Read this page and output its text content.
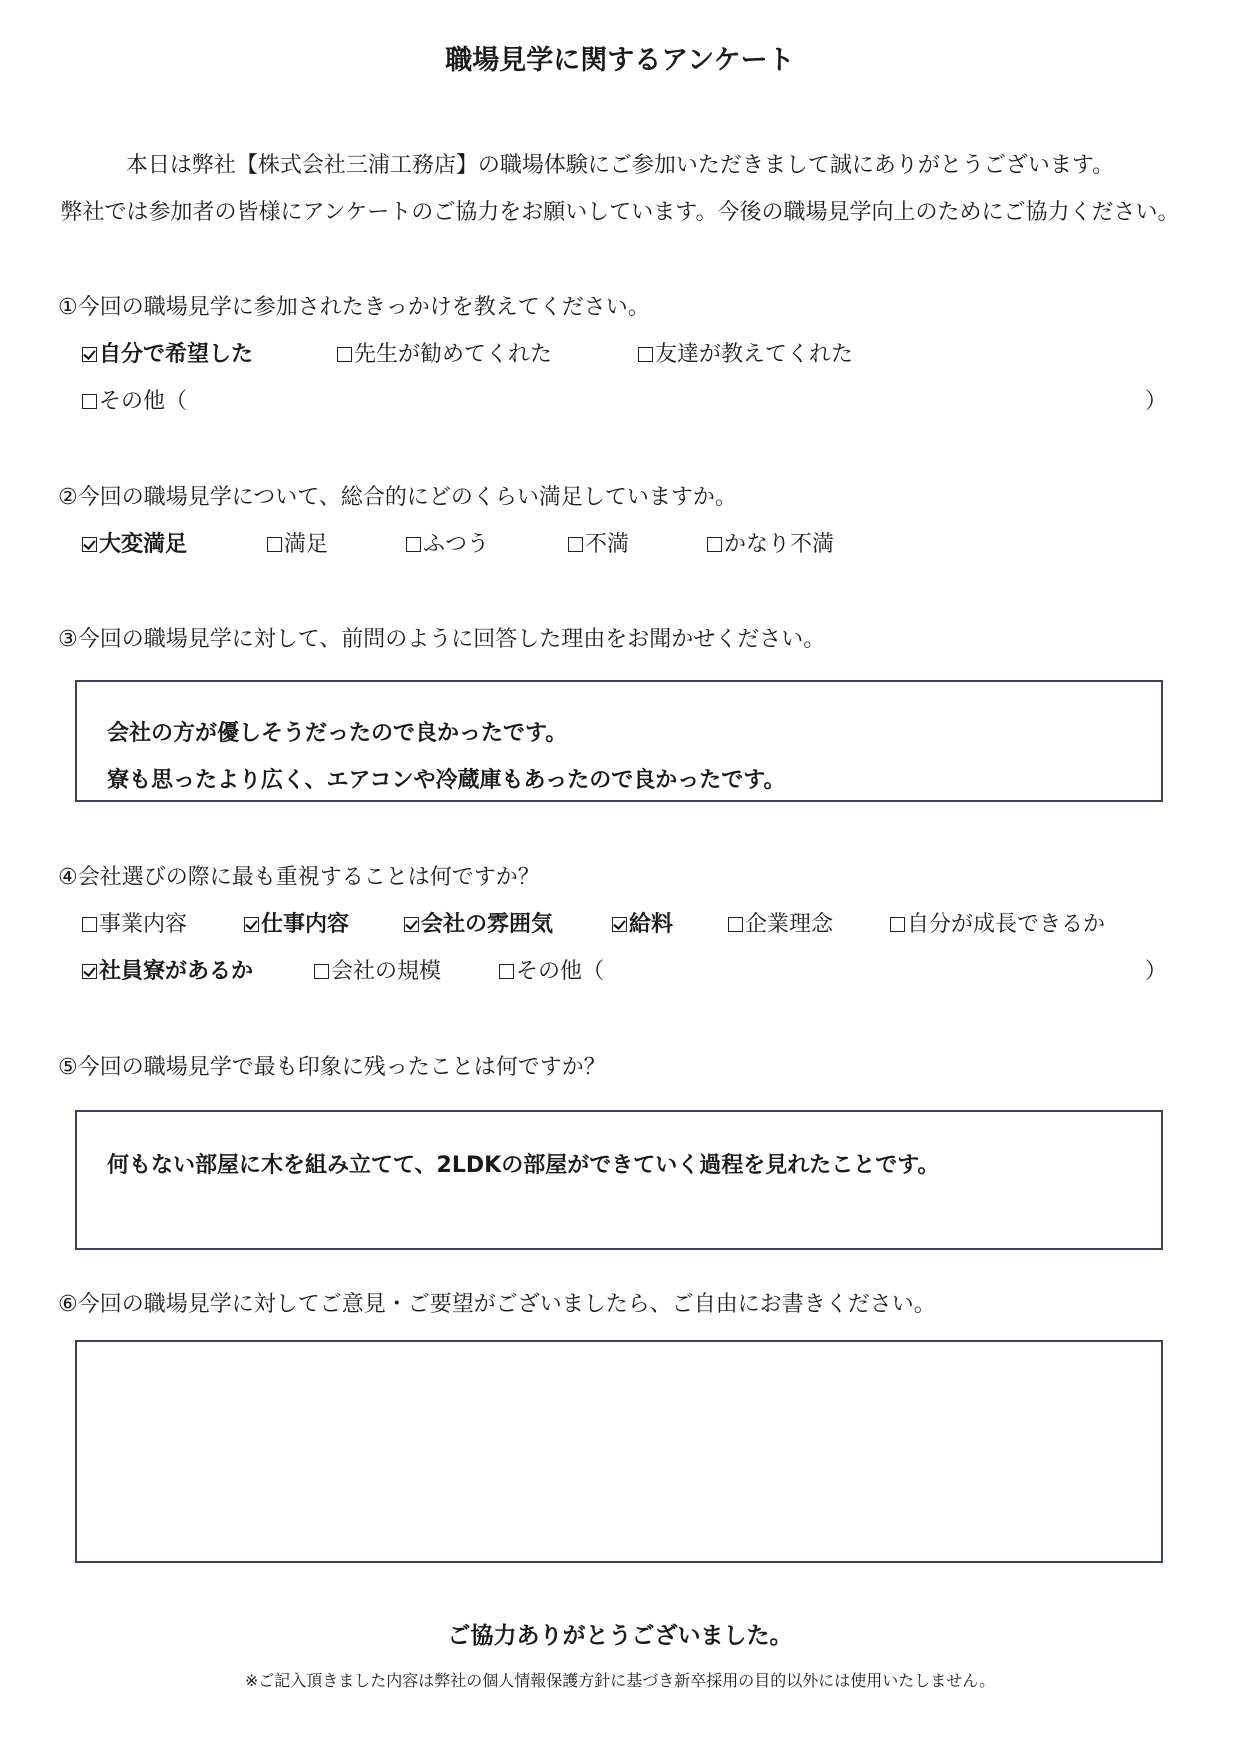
職場見学に関するアンケート
本日は弊社【株式会社三浦工務店】の職場体験にご参加いただきまして誠にありがとうございます。
弊社では参加者の皆様にアンケートのご協力をお願いしています。今後の職場見学向上のためにご協力ください。
①今回の職場見学に参加されたきっかけを教えてください。
自分で希望した	先生が勧めてくれた	友達が教えてくれた
その他（	）
②今回の職場見学について、総合的にどのくらい満足していますか。
大変満足	満足	ふつう	不満	かなり不満
③今回の職場見学に対して、前問のように回答した理由をお聞かせください。
会社の方が優しそうだったので良かったです。
寮も思ったより広く、エアコンや冷蔵庫もあったので良かったです。
④会社選びの際に最も重視することは何ですか？
事業内容	仕事内容	会社の雰囲気	給料	企業理念	自分が成長できるか
社員寮があるか	会社の規模	その他（	）
⑤今回の職場見学で最も印象に残ったことは何ですか？
何もない部屋に木を組み立てて、2LDKの部屋ができていく過程を見れたことです。
⑥今回の職場見学に対してご意見・ご要望がございましたら、ご自由にお書きください。
ご協力ありがとうございました。
※ご記入頂きました内容は弊社の個人情報保護方針に基づき新卒採用の目的以外には使用いたしません。
